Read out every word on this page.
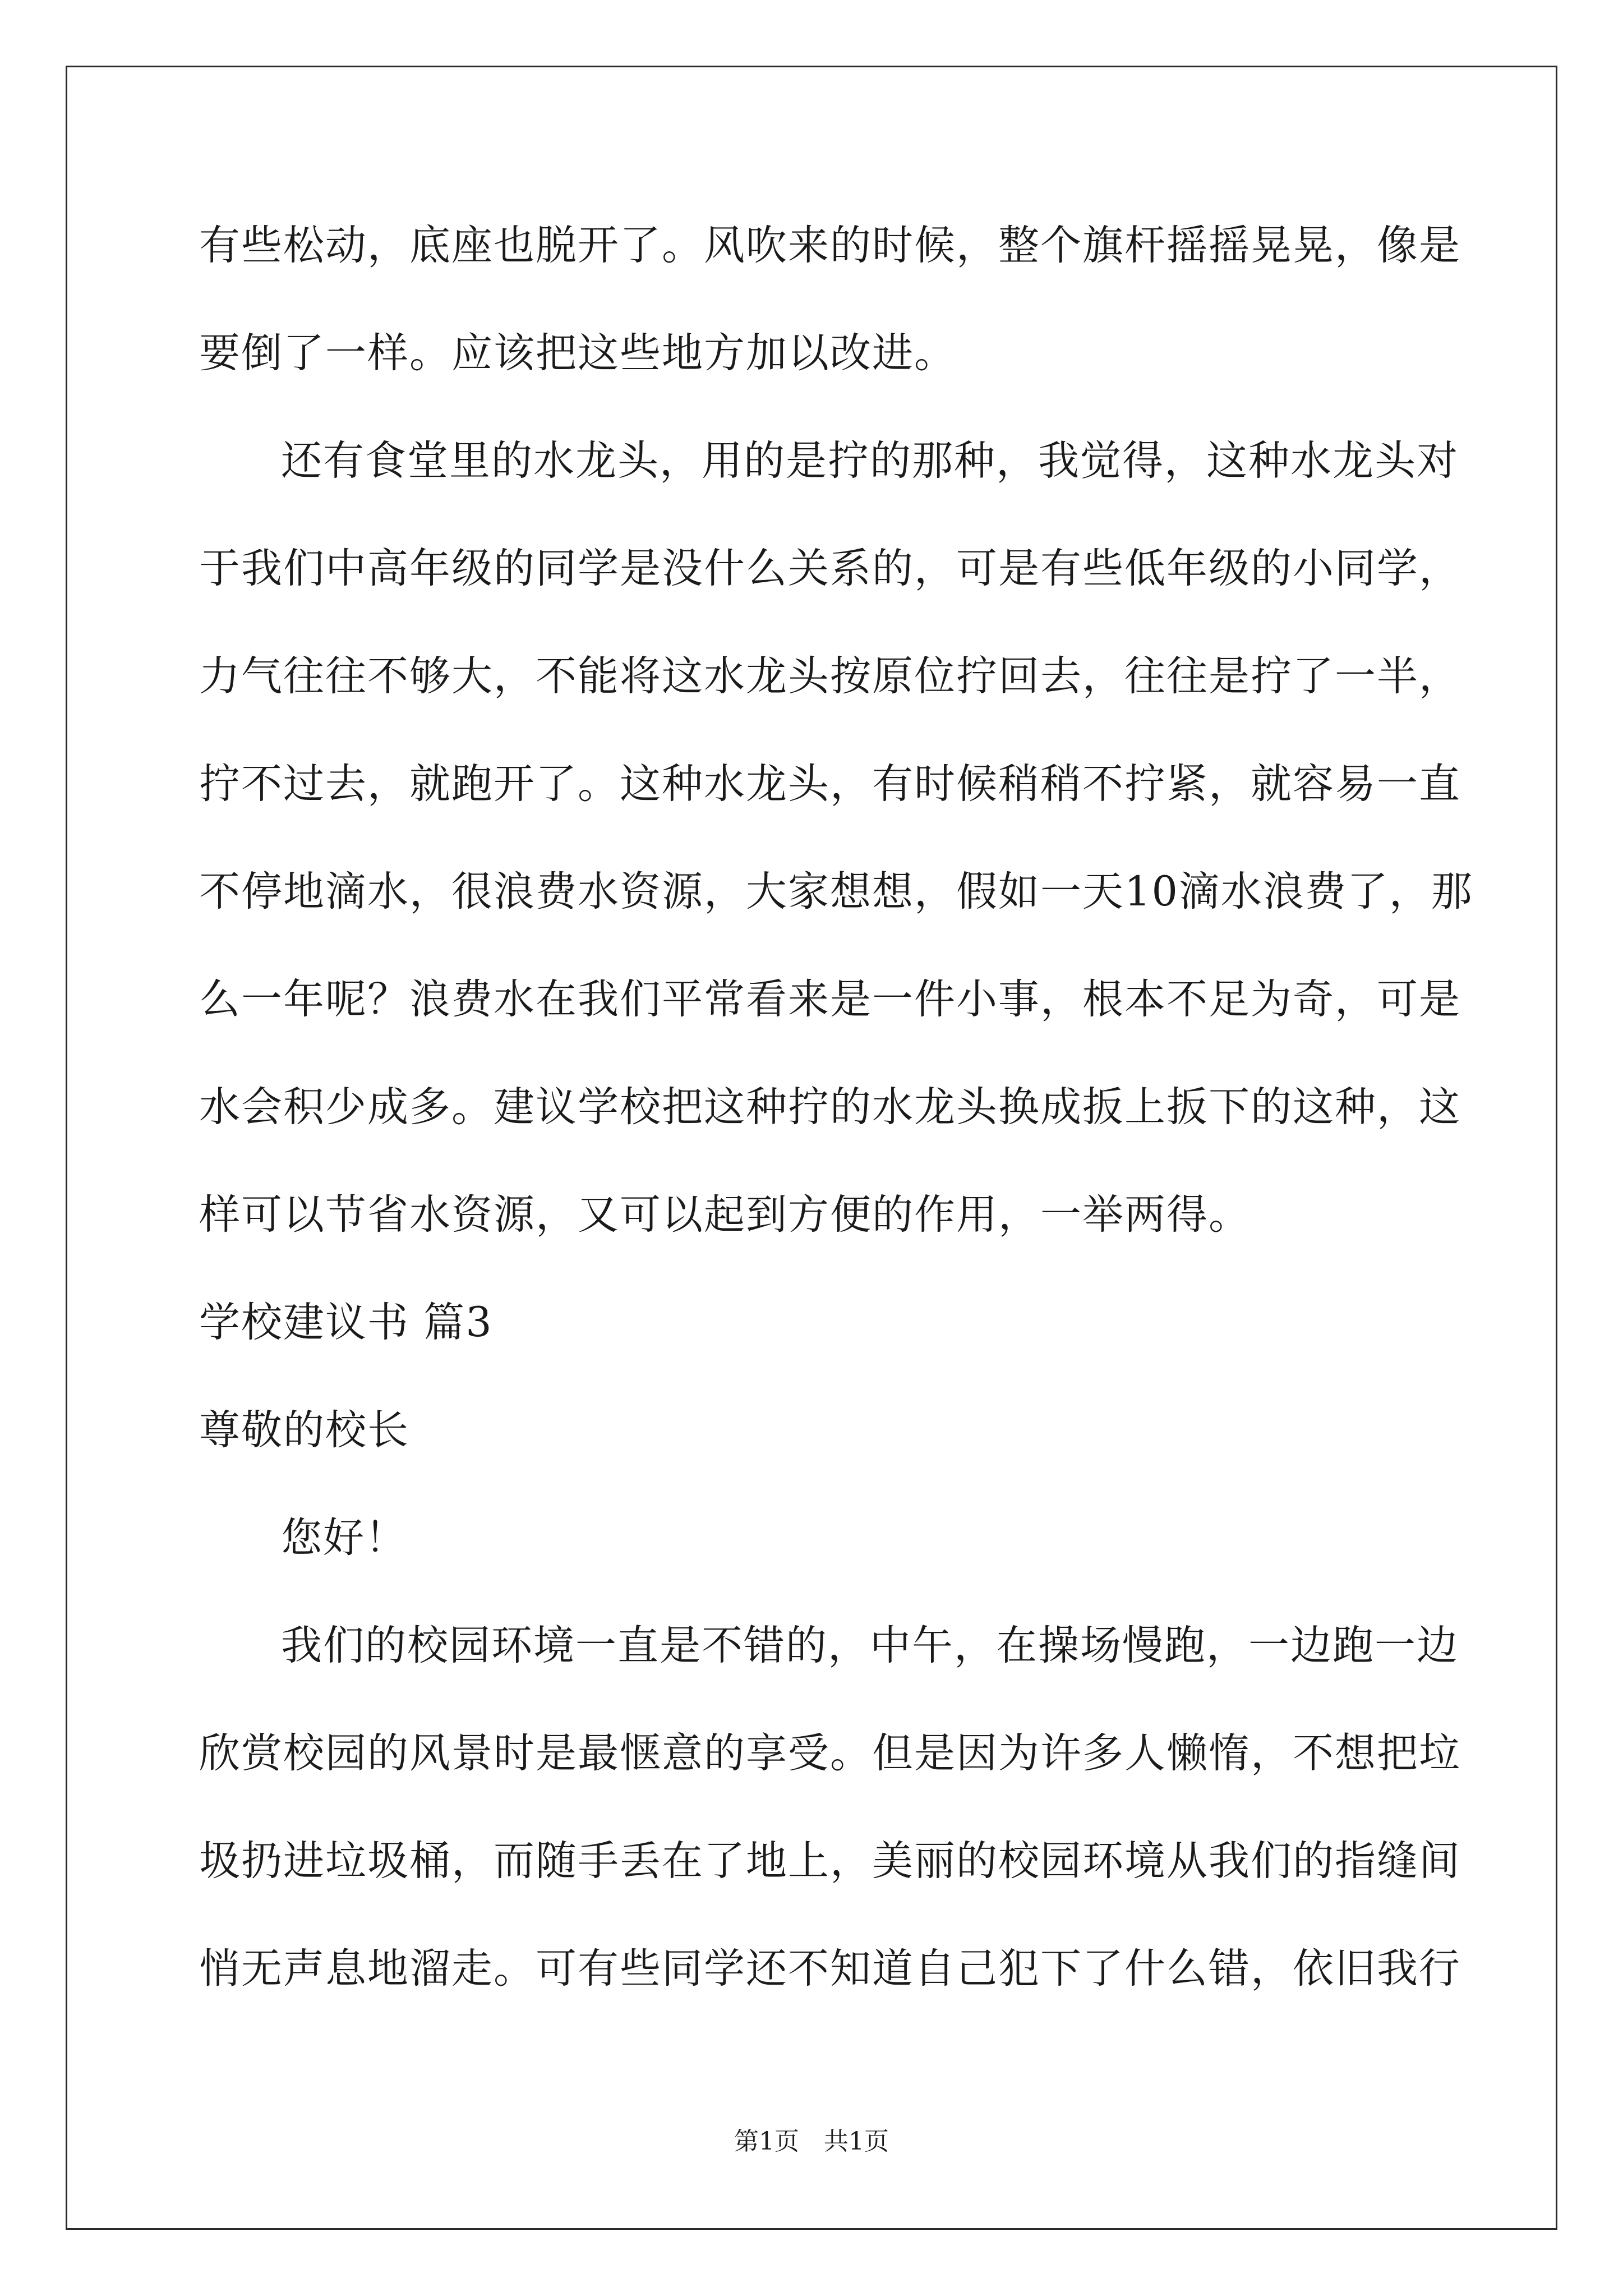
有些松动，底座也脱开了。风吹来的时候，整个旗杆摇摇晃晃，像是
要倒了一样。应该把这些地方加以改进。
还有食堂里的水龙头，用的是拧的那种，我觉得，这种水龙头对
于我们中高年级的同学是没什么关系的，可是有些低年级的小同学，
力气往往不够大，不能将这水龙头按原位拧回去，往往是拧了一半，
拧不过去，就跑开了。这种水龙头，有时候稍稍不拧紧，就容易一直
不停地滴水，很浪费水资源，大家想想，假如一天10滴水浪费了，那
么一年呢？浪费水在我们平常看来是一件小事，根本不足为奇，可是
水会积少成多。建议学校把这种拧的水龙头换成扳上扳下的这种，这
样可以节省水资源，又可以起到方便的作用，一举两得。
学校建议书 篇3
尊敬的校长
您好！
我们的校园环境一直是不错的，中午，在操场慢跑，一边跑一边
欣赏校园的风景时是最惬意的享受。但是因为许多人懒惰，不想把垃
圾扔进垃圾桶，而随手丢在了地上，美丽的校园环境从我们的指缝间
悄无声息地溜走。可有些同学还不知道自己犯下了什么错，依旧我行
第1页 共1页
